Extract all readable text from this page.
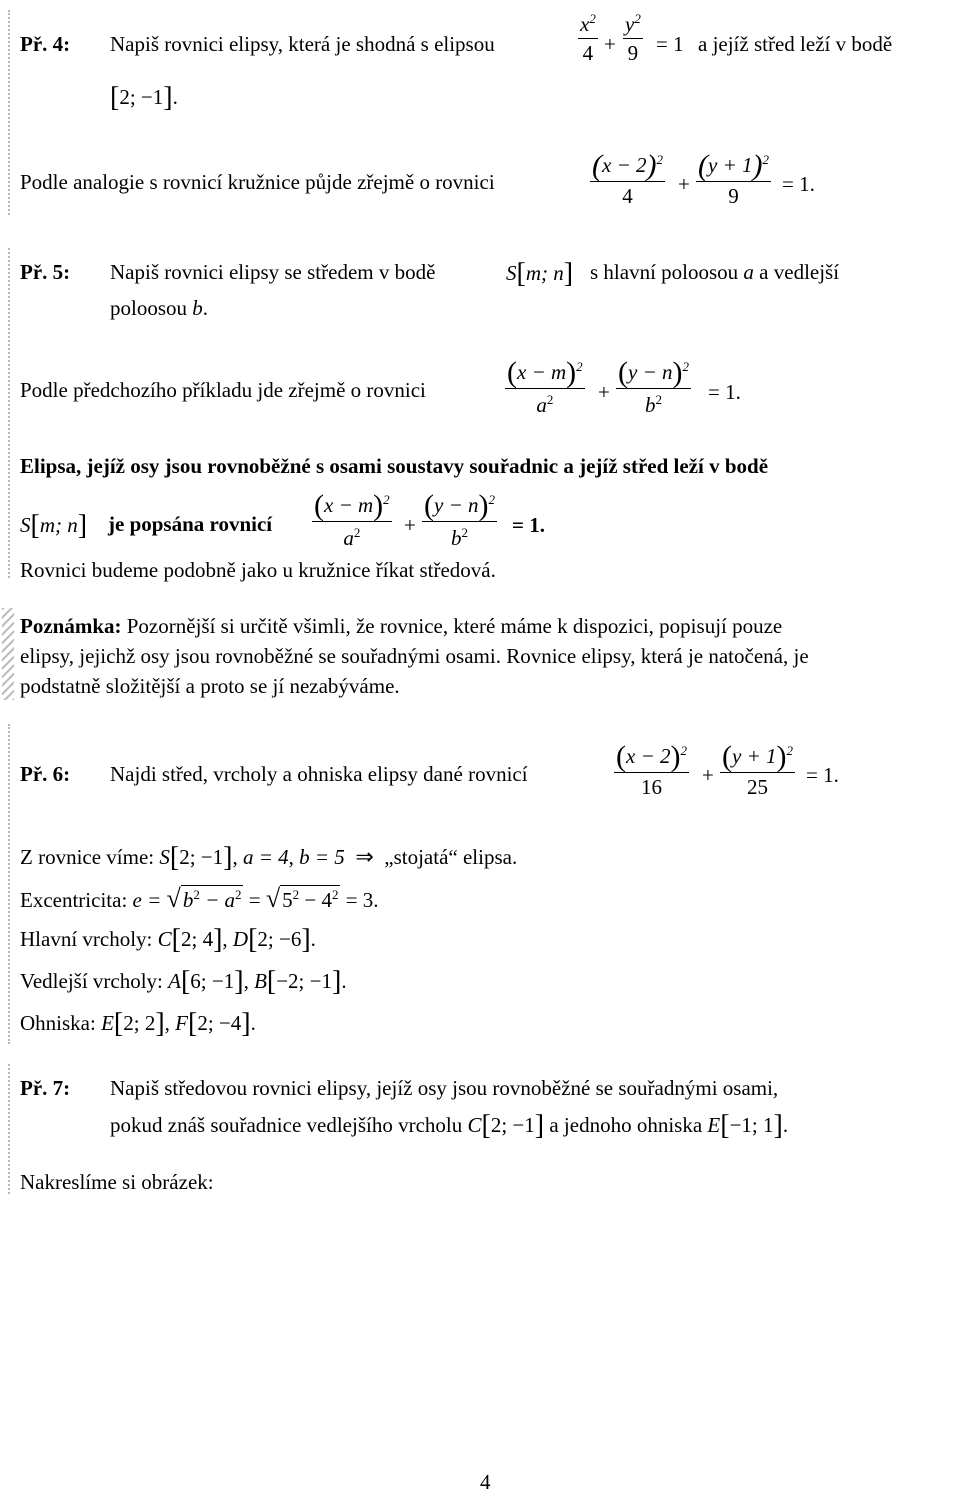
Př. 4: Napiš rovnici elipsy, která je shodná s elipsou	$\frac{x^2}{4} + \frac{y^2}{9} = 1$ a jejíž střed leží v bodě
[2; −1].
Podle analogie s rovnicí kružnice půjde zřejmě o rovnici	$\frac{(x - 2)^2}{4} + \frac{(y + 1)^2}{9} = 1$.
Př. 5: Napiš rovnici elipsy se středem v bodě	S[m; n] s hlavní poloosou a a vedlejší
poloosou b.
Podle předchozího příkladu jde zřejmě o rovnici	$\frac{(x - m)^2}{a^2} + \frac{(y - n)^2}{b^2} = 1$.
Elipsa, jejíž osy jsou rovnoběžné s osami soustavy souřadnic a jejíž střed leží v bodě
S[m; n] je popsána rovnicí $\frac{(x - m)^2}{a^2} + \frac{(y - n)^2}{b^2} = 1$.
Rovnici budeme podobně jako u kružnice říkat středová.
Poznámka: Pozornější si určitě všimli, že rovnice, které máme k dispozici, popisují pouze
elipsy, jejichž osy jsou rovnoběžné se souřadnými osami. Rovnice elipsy, která je natočená, je
podstatně složitější a proto se jí nezabýváme.
Př. 6: Najdi střed, vrcholy a ohniska elipsy dané rovnicí	$\frac{(x - 2)^2}{16} + \frac{(y + 1)^2}{25} = 1$.
Z rovnice víme: S[2; −1], a = 4, b = 5 ⇒ „stojatá“ elipsa.
Excentricita: $e = √b^2 - a^2 = √5^2 - 4^2 = 3$.
Hlavní vrcholy: C[2; 4], D[2; −6].
Vedlejší vrcholy: A[6; −1], B[−2; −1].
Ohniska: E[2; 2], F[2; −4].
Př. 7: Napiš středovou rovnici elipsy, jejíž osy jsou rovnoběžné se souřadnými osami,
pokud znáš souřadnice vedlejšího vrcholu C[2; −1] a jednoho ohniska E[−1; 1].
Nakreslíme si obrázek:
4
